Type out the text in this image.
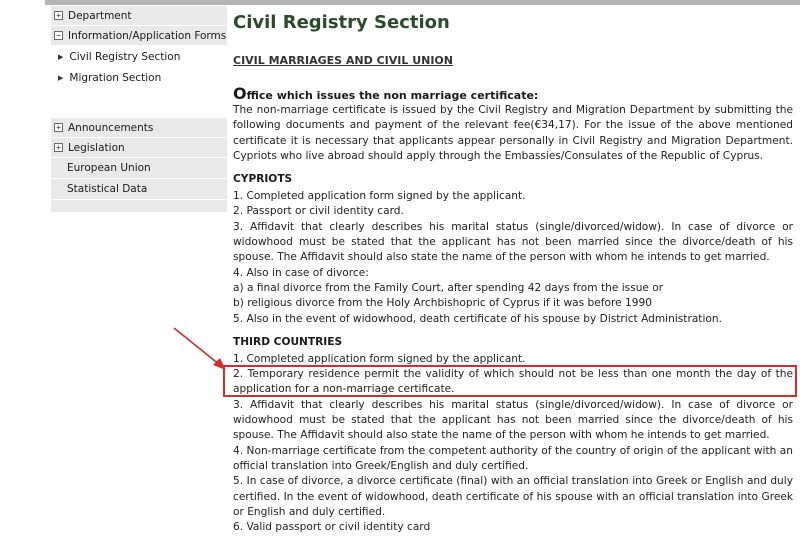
+ Department
− Information/Application Forms
▶ Civil Registry Section
▶ Migration Section
+ Announcements
+ Legislation
European Union
Statistical Data
Civil Registry Section
CIVIL MARRIAGES AND CIVIL UNION
Office which issues the non marriage certificate:

The non-marriage certificate is issued by the Civil Registry and Migration Department by submitting the following documents and payment of the relevant fee(€34,17). For the issue of the above mentioned certificate it is necessary that applicants appear personally in Civil Registry and Migration Department. Cypriots who live abroad should apply through the Embassies/Consulates of the Republic of Cyprus.

CYPRIOTS
1. Completed application form signed by the applicant.
2. Passport or civil identity card.
3. Affidavit that clearly describes his marital status (single/divorced/widow). In case of divorce or widowhood must be stated that the applicant has not been married since the divorce/death of his spouse. The Affidavit should also state the name of the person with whom he intends to get married.
4. Also in case of divorce:
a) a final divorce from the Family Court, after spending 42 days from the issue or
b) religious divorce from the Holy Archbishopric of Cyprus if it was before 1990
5. Also in the event of widowhood, death certificate of his spouse by District Administration.
THIRD COUNTRIES
1. Completed application form signed by the applicant.
2. Temporary residence permit the validity of which should not be less than one month the day of the application for a non-marriage certificate.
3. Affidavit that clearly describes his marital status (single/divorced/widow). In case of divorce or widowhood must be stated that the applicant has not been married since the divorce/death of his spouse. The Affidavit should also state the name of the person with whom he intends to get married.
4. Non-marriage certificate from the competent authority of the country of origin of the applicant with an official translation into Greek/English and duly certified.
5. In case of divorce, a divorce certificate (final) with an official translation into Greek or English and duly certified. In the event of widowhood, death certificate of his spouse with an official translation into Greek or English and duly certified.
6. Valid passport or civil identity card
